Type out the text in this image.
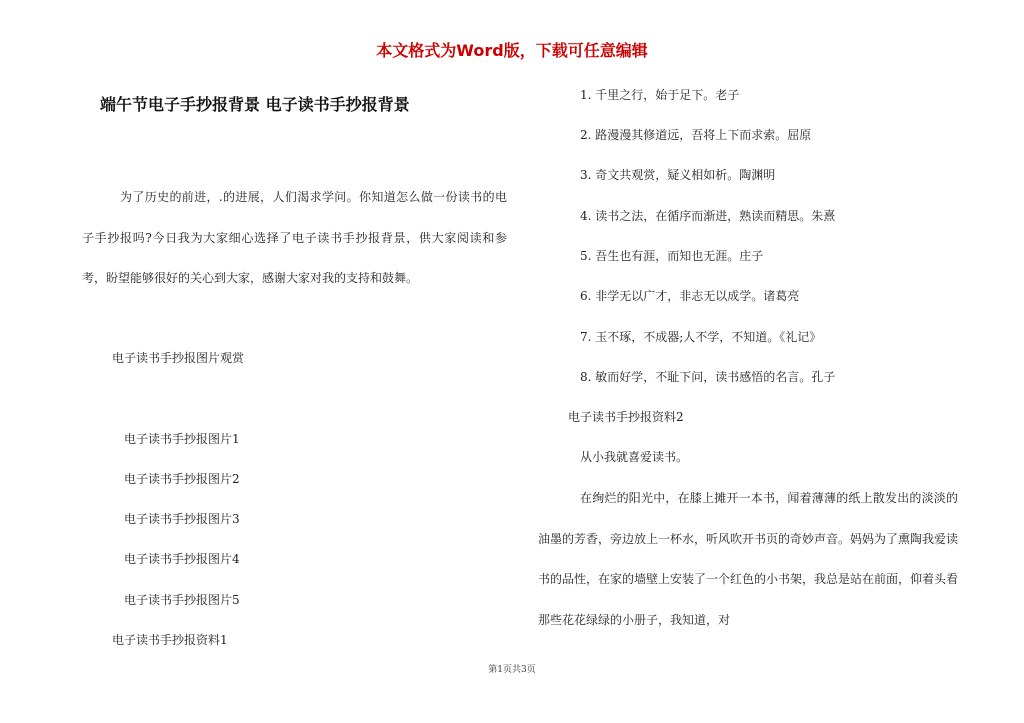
本文格式为Word版，下载可任意编辑
端午节电子手抄报背景 电子读书手抄报背景

为了历史的前进，.的进展，人们渴求学问。你知道怎么做一份读书的电子手抄报吗?今日我为大家细心选择了电子读书手抄报背景，供大家阅读和参考，盼望能够很好的关心到大家，感谢大家对我的支持和鼓舞。

电子读书手抄报图片观赏
电子读书手抄报图片1
电子读书手抄报图片2
电子读书手抄报图片3
电子读书手抄报图片4
电子读书手抄报图片5
电子读书手抄报资料1
1. 千里之行，始于足下。老子
2. 路漫漫其修道远，吾将上下而求索。屈原
3. 奇文共观赏，疑义相如析。陶渊明
4. 读书之法，在循序而渐进，熟读而精思。朱熹
5. 吾生也有涯，而知也无涯。庄子
6. 非学无以广才，非志无以成学。诸葛亮
7. 玉不琢，不成器;人不学，不知道。《礼记》
8. 敏而好学，不耻下问，读书感悟的名言。孔子
电子读书手抄报资料2
从小我就喜爱读书。

在绚烂的阳光中，在膝上摊开一本书，闻着薄薄的纸上散发出的淡淡的油墨的芳香，旁边放上一杯水，听风吹开书页的奇妙声音。妈妈为了熏陶我爱读书的品性，在家的墙壁上安装了一个红色的小书架，我总是站在前面，仰着头看那些花花绿绿的小册子，我知道，对

第1页共3页
